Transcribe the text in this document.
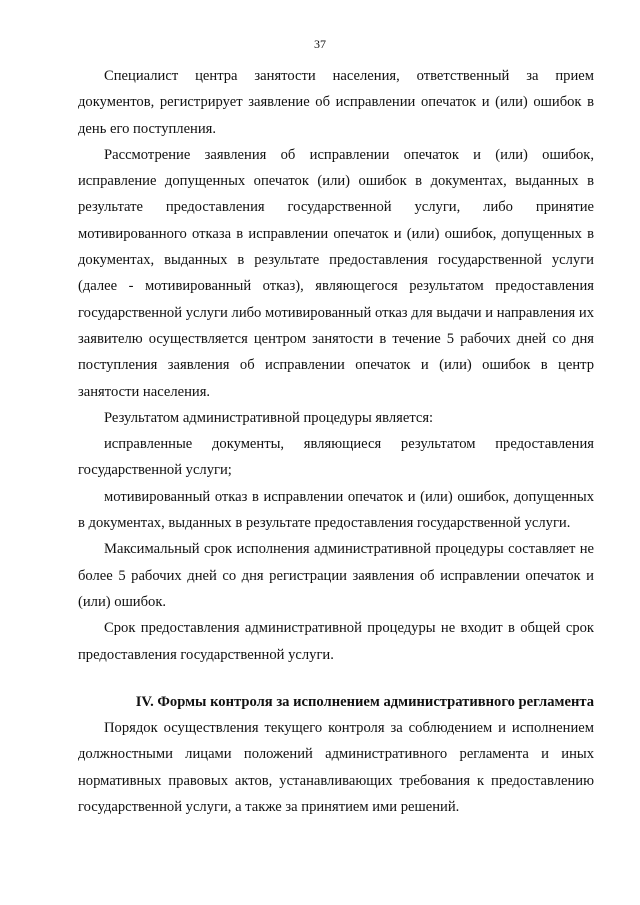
37

Специалист центра занятости населения, ответственный за прием документов, регистрирует заявление об исправлении опечаток и (или) ошибок в день его поступления.

Рассмотрение заявления об исправлении опечаток и (или) ошибок, исправление допущенных опечаток (или) ошибок в документах, выданных в результате предоставления государственной услуги, либо принятие мотивированного отказа в исправлении опечаток и (или) ошибок, допущенных в документах, выданных в результате предоставления государственной услуги (далее - мотивированный отказ), являющегося результатом предоставления государственной услуги либо мотивированный отказ для выдачи и направления их заявителю осуществляется центром занятости в течение 5 рабочих дней со дня поступления заявления об исправлении опечаток и (или) ошибок в центр занятости населения.

Результатом административной процедуры является:

исправленные документы, являющиеся результатом предоставления государственной услуги;

мотивированный отказ в исправлении опечаток и (или) ошибок, допущенных в документах, выданных в результате предоставления государственной услуги.

Максимальный срок исполнения административной процедуры составляет не более 5 рабочих дней со дня регистрации заявления об исправлении опечаток и (или) ошибок.

Срок предоставления административной процедуры не входит в общей срок предоставления государственной услуги.

IV. Формы контроля за исполнением административного регламента

Порядок осуществления текущего контроля за соблюдением и исполнением должностными лицами положений административного регламента и иных нормативных правовых актов, устанавливающих требования к предоставлению государственной услуги, а также за принятием ими решений.
